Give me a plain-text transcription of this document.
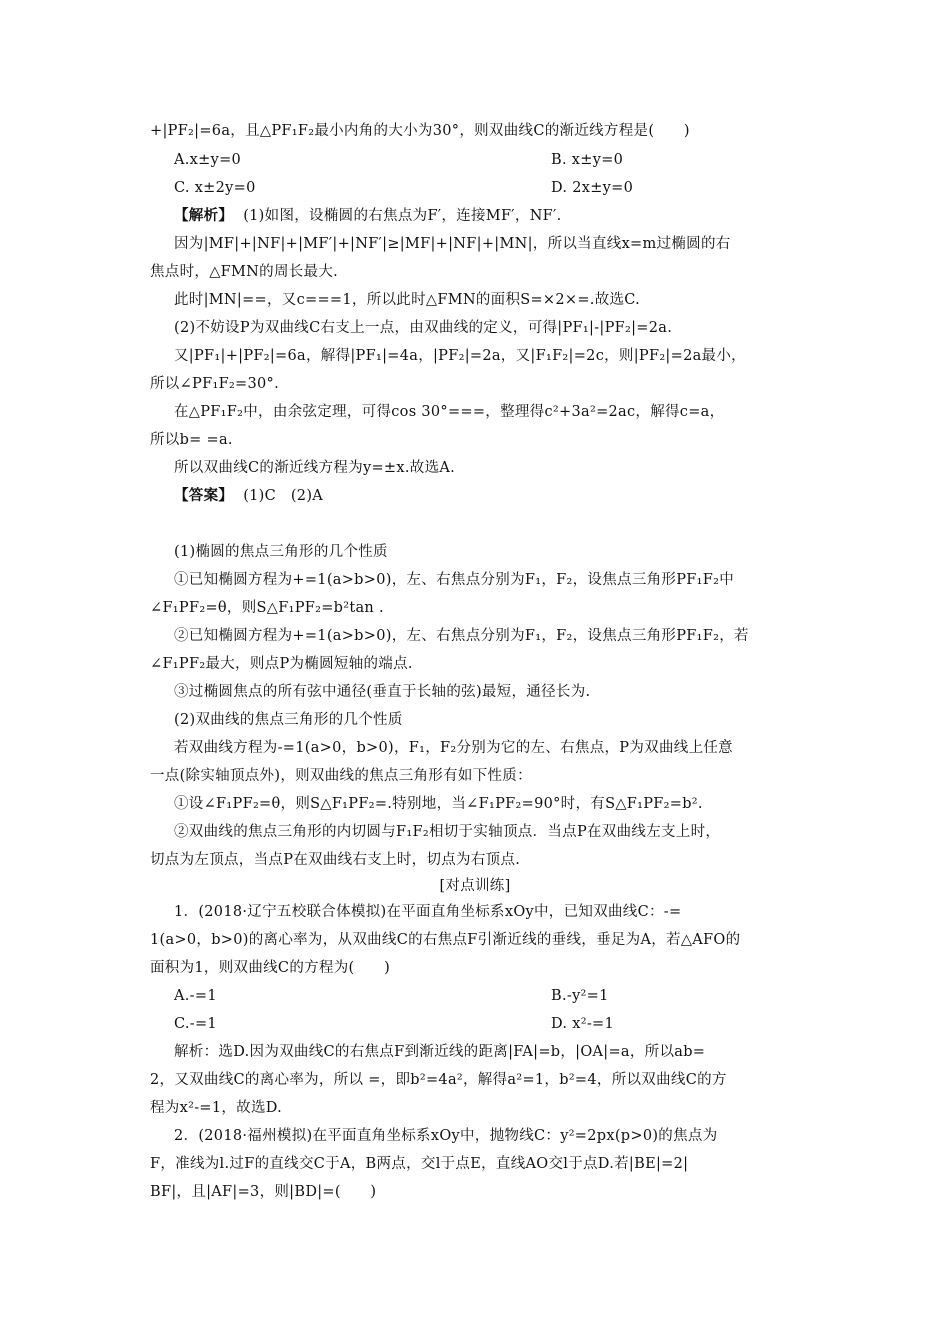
+|PF₂|=6a，且△PF₁F₂最小内角的大小为30°，则双曲线C的渐近线方程是(　　)
A.x±y=0	B. x±y=0
C. x±2y=0	D. 2x±y=0
【解析】 (1)如图，设椭圆的右焦点为F′，连接MF′，NF′.
因为|MF|+|NF|+|MF′|+|NF′|≥|MF|+|NF|+|MN|，所以当直线x=m过椭圆的右
焦点时，△FMN的周长最大.
此时|MN|==，又c===1，所以此时△FMN的面积S=×2×=.故选C.
(2)不妨设P为双曲线C右支上一点，由双曲线的定义，可得|PF₁|-|PF₂|=2a.
又|PF₁|+|PF₂|=6a，解得|PF₁|=4a，|PF₂|=2a，又|F₁F₂|=2c，则|PF₂|=2a最小，
所以∠PF₁F₂=30°.
在△PF₁F₂中，由余弦定理，可得cos 30°===，整理得c²+3a²=2ac，解得c=a，
所以b= =a.
所以双曲线C的渐近线方程为y=±x.故选A.
【答案】 (1)C　(2)A
(1)椭圆的焦点三角形的几个性质
①已知椭圆方程为+=1(a>b>0)，左、右焦点分别为F₁，F₂，设焦点三角形PF₁F₂中
∠F₁PF₂=θ，则S△F₁PF₂=b²tan .
②已知椭圆方程为+=1(a>b>0)，左、右焦点分别为F₁，F₂，设焦点三角形PF₁F₂，若
∠F₁PF₂最大，则点P为椭圆短轴的端点.
③过椭圆焦点的所有弦中通径(垂直于长轴的弦)最短，通径长为.
(2)双曲线的焦点三角形的几个性质
若双曲线方程为-=1(a>0，b>0)，F₁，F₂分别为它的左、右焦点，P为双曲线上任意
一点(除实轴顶点外)，则双曲线的焦点三角形有如下性质：
①设∠F₁PF₂=θ，则S△F₁PF₂=.特别地，当∠F₁PF₂=90°时，有S△F₁PF₂=b².
②双曲线的焦点三角形的内切圆与F₁F₂相切于实轴顶点．当点P在双曲线左支上时，
切点为左顶点，当点P在双曲线右支上时，切点为右顶点.
[对点训练]
1．(2018·辽宁五校联合体模拟)在平面直角坐标系xOy中，已知双曲线C：-=
1(a>0，b>0)的离心率为，从双曲线C的右焦点F引渐近线的垂线，垂足为A，若△AFO的
面积为1，则双曲线C的方程为(　　)
A.-=1	B.-y²=1
C.-=1	D. x²-=1
解析：选D.因为双曲线C的右焦点F到渐近线的距离|FA|=b，|OA|=a，所以ab=
2，又双曲线C的离心率为，所以 =，即b²=4a²，解得a²=1，b²=4，所以双曲线C的方
程为x²-=1，故选D.
2．(2018·福州模拟)在平面直角坐标系xOy中，抛物线C：y²=2px(p>0)的焦点为
F，准线为l.过F的直线交C于A，B两点，交l于点E，直线AO交l于点D.若|BE|=2|
BF|，且|AF|=3，则|BD|=(　　)
